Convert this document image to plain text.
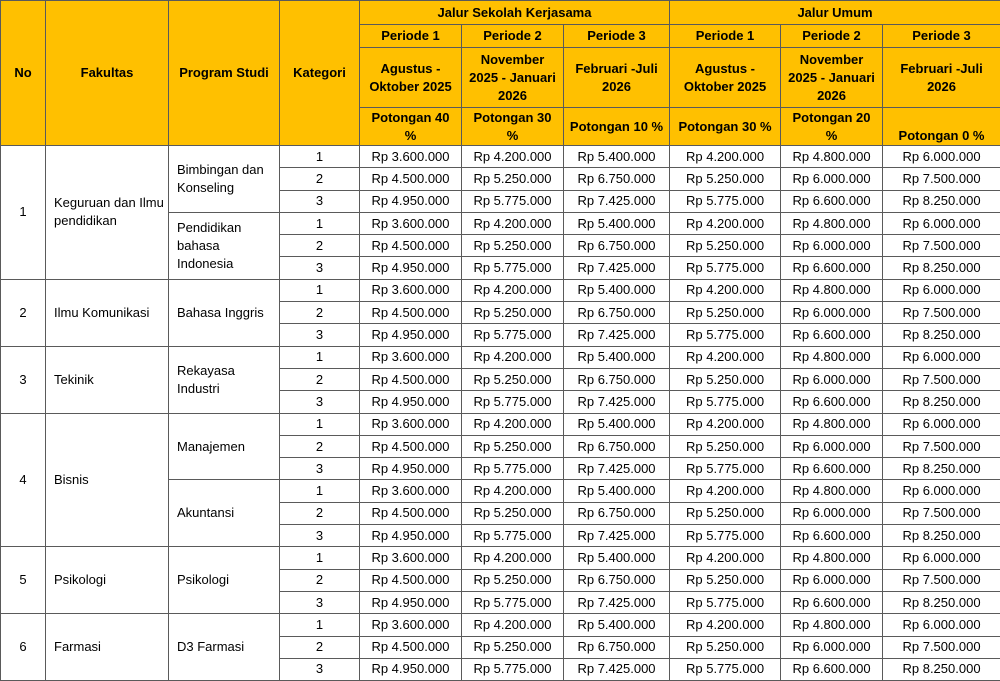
No	Fakultas	Program Studi	Kategori	Jalur Sekolah Kerjasama			Jalur Umum		
				Periode 1	Periode 2	Periode 3	Periode 1	Periode 2	Periode 3
				Agustus - Oktober 2025	November 2025 - Januari 2026	Februari -Juli 2026	Agustus - Oktober 2025	November 2025 - Januari 2026	Februari -Juli 2026
				Potongan 40 %	Potongan 30 %	Potongan 10 %	Potongan 30 %	Potongan 20 %	Potongan 0 %
1	Keguruan dan Ilmu pendidikan	Bimbingan dan Konseling	1	Rp 3.600.000	Rp 4.200.000	Rp 5.400.000	Rp 4.200.000	Rp 4.800.000	Rp 6.000.000
			2	Rp 4.500.000	Rp 5.250.000	Rp 6.750.000	Rp 5.250.000	Rp 6.000.000	Rp 7.500.000
			3	Rp 4.950.000	Rp 5.775.000	Rp 7.425.000	Rp 5.775.000	Rp 6.600.000	Rp 8.250.000
		Pendidikan bahasa Indonesia	1	Rp 3.600.000	Rp 4.200.000	Rp 5.400.000	Rp 4.200.000	Rp 4.800.000	Rp 6.000.000
			2	Rp 4.500.000	Rp 5.250.000	Rp 6.750.000	Rp 5.250.000	Rp 6.000.000	Rp 7.500.000
			3	Rp 4.950.000	Rp 5.775.000	Rp 7.425.000	Rp 5.775.000	Rp 6.600.000	Rp 8.250.000
2	Ilmu Komunikasi	Bahasa Inggris	1	Rp 3.600.000	Rp 4.200.000	Rp 5.400.000	Rp 4.200.000	Rp 4.800.000	Rp 6.000.000
			2	Rp 4.500.000	Rp 5.250.000	Rp 6.750.000	Rp 5.250.000	Rp 6.000.000	Rp 7.500.000
			3	Rp 4.950.000	Rp 5.775.000	Rp 7.425.000	Rp 5.775.000	Rp 6.600.000	Rp 8.250.000
3	Tekinik	Rekayasa Industri	1	Rp 3.600.000	Rp 4.200.000	Rp 5.400.000	Rp 4.200.000	Rp 4.800.000	Rp 6.000.000
			2	Rp 4.500.000	Rp 5.250.000	Rp 6.750.000	Rp 5.250.000	Rp 6.000.000	Rp 7.500.000
			3	Rp 4.950.000	Rp 5.775.000	Rp 7.425.000	Rp 5.775.000	Rp 6.600.000	Rp 8.250.000
4	Bisnis	Manajemen	1	Rp 3.600.000	Rp 4.200.000	Rp 5.400.000	Rp 4.200.000	Rp 4.800.000	Rp 6.000.000
			2	Rp 4.500.000	Rp 5.250.000	Rp 6.750.000	Rp 5.250.000	Rp 6.000.000	Rp 7.500.000
			3	Rp 4.950.000	Rp 5.775.000	Rp 7.425.000	Rp 5.775.000	Rp 6.600.000	Rp 8.250.000
		Akuntansi	1	Rp 3.600.000	Rp 4.200.000	Rp 5.400.000	Rp 4.200.000	Rp 4.800.000	Rp 6.000.000
			2	Rp 4.500.000	Rp 5.250.000	Rp 6.750.000	Rp 5.250.000	Rp 6.000.000	Rp 7.500.000
			3	Rp 4.950.000	Rp 5.775.000	Rp 7.425.000	Rp 5.775.000	Rp 6.600.000	Rp 8.250.000
5	Psikologi	Psikologi	1	Rp 3.600.000	Rp 4.200.000	Rp 5.400.000	Rp 4.200.000	Rp 4.800.000	Rp 6.000.000
			2	Rp 4.500.000	Rp 5.250.000	Rp 6.750.000	Rp 5.250.000	Rp 6.000.000	Rp 7.500.000
			3	Rp 4.950.000	Rp 5.775.000	Rp 7.425.000	Rp 5.775.000	Rp 6.600.000	Rp 8.250.000
6	Farmasi	D3 Farmasi	1	Rp 3.600.000	Rp 4.200.000	Rp 5.400.000	Rp 4.200.000	Rp 4.800.000	Rp 6.000.000
			2	Rp 4.500.000	Rp 5.250.000	Rp 6.750.000	Rp 5.250.000	Rp 6.000.000	Rp 7.500.000
			3	Rp 4.950.000	Rp 5.775.000	Rp 7.425.000	Rp 5.775.000	Rp 6.600.000	Rp 8.250.000
